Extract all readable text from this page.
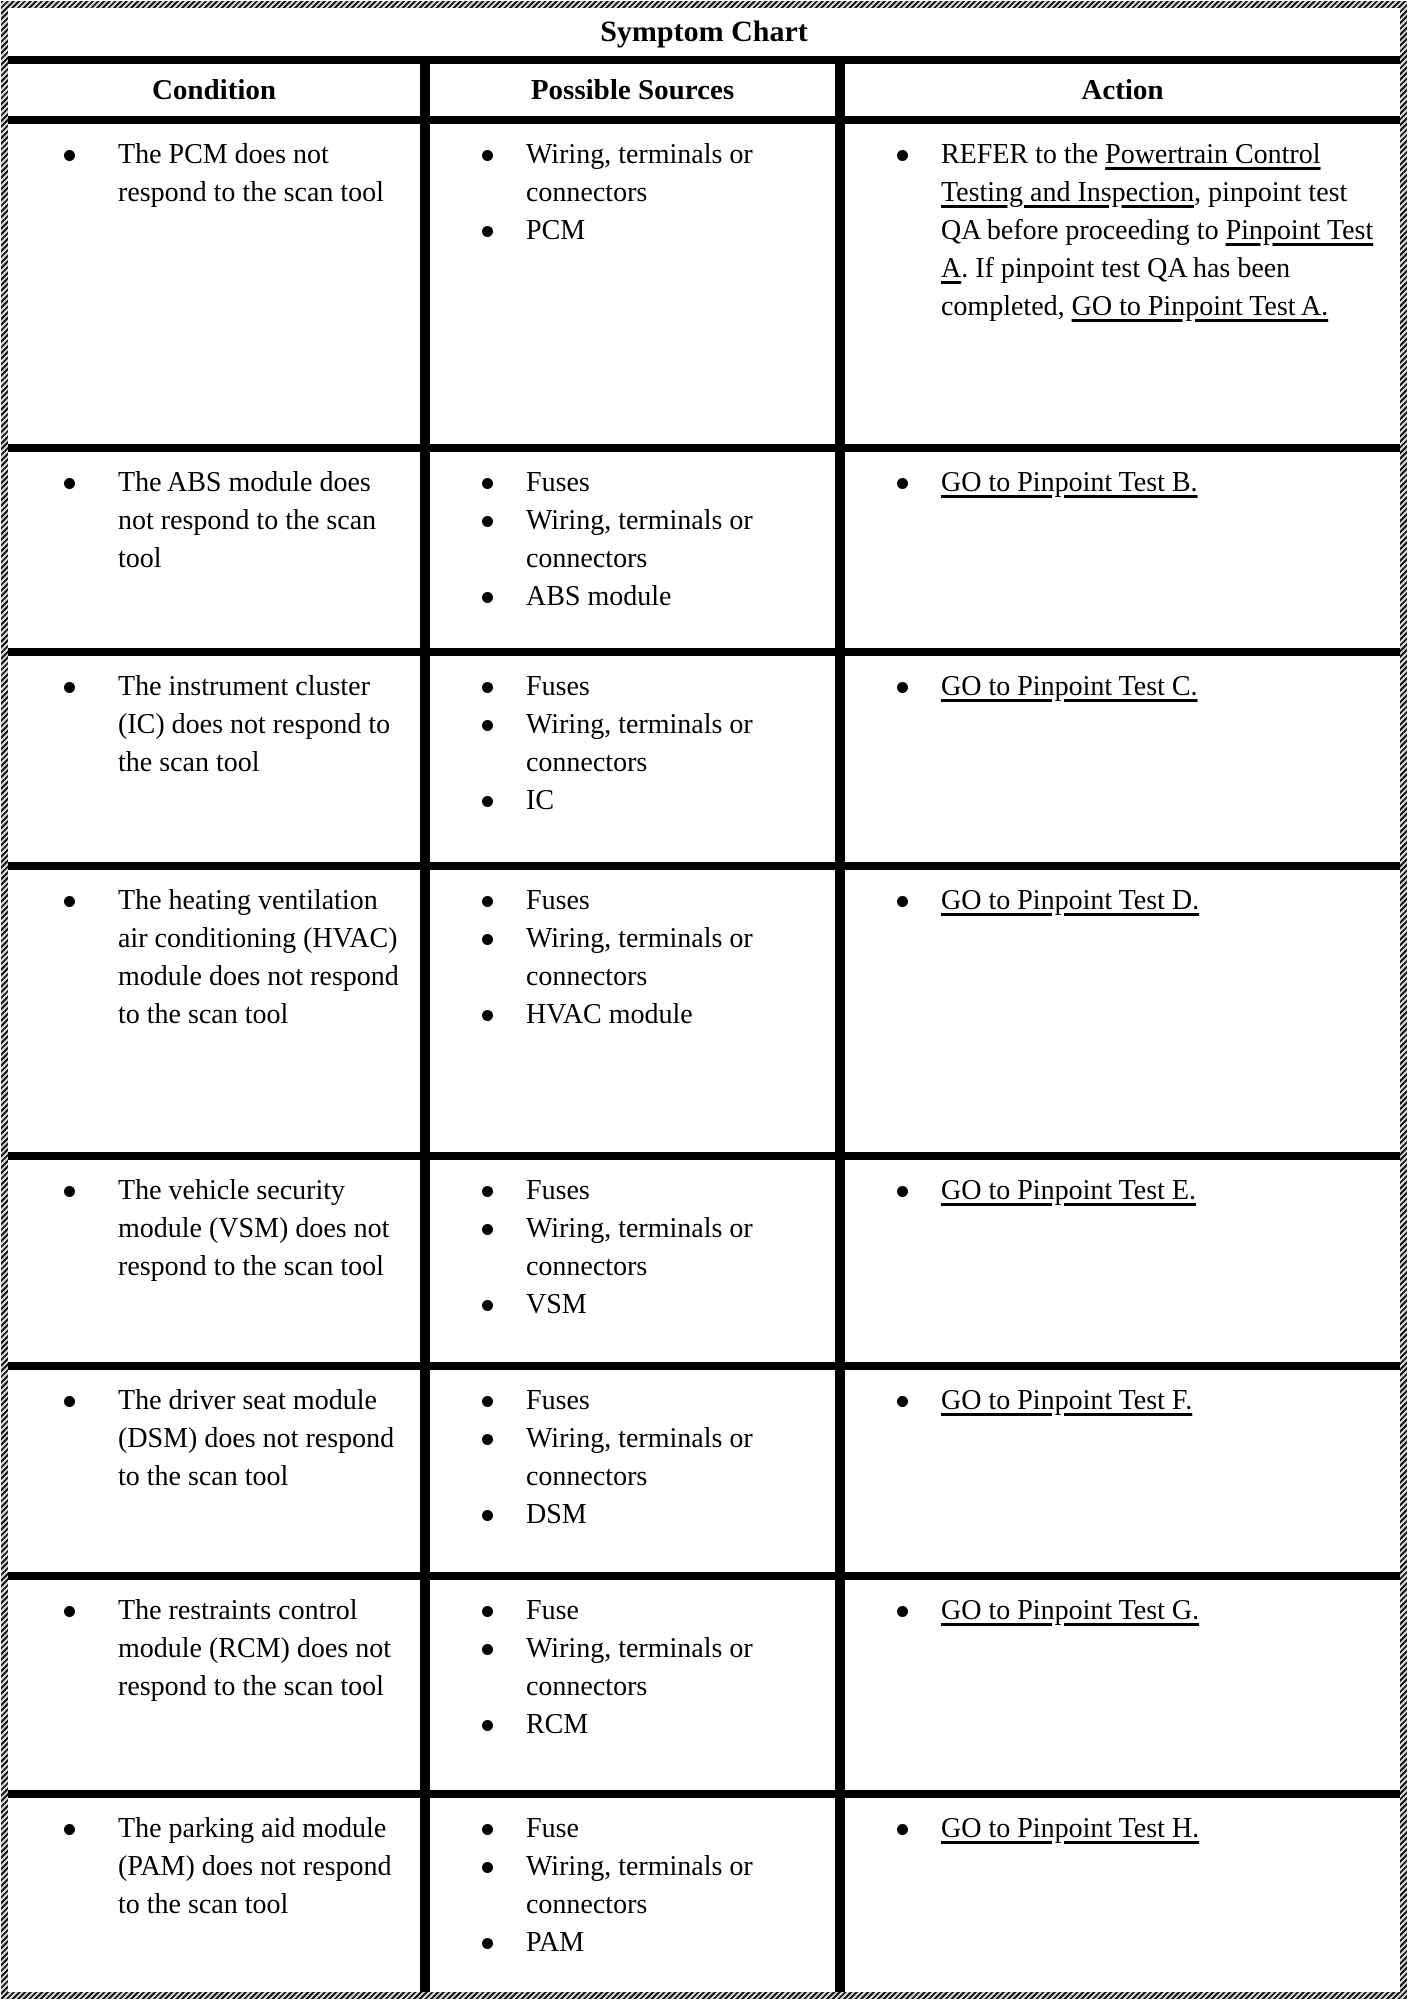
Symptom Chart
Condition	Possible Sources	Action
The PCM does not respond to the scan tool
Wiring, terminals or connectors
PCM
REFER to the Powertrain Control Testing and Inspection, pinpoint test QA before proceeding to Pinpoint Test A. If pinpoint test QA has been completed, GO to Pinpoint Test A.
The ABS module does not respond to the scan tool
Fuses
Wiring, terminals or connectors
ABS module
GO to Pinpoint Test B.
The instrument cluster (IC) does not respond to the scan tool
Fuses
Wiring, terminals or connectors
IC
GO to Pinpoint Test C.
The heating ventilation air conditioning (HVAC) module does not respond to the scan tool
Fuses
Wiring, terminals or connectors
HVAC module
GO to Pinpoint Test D.
The vehicle security module (VSM) does not respond to the scan tool
Fuses
Wiring, terminals or connectors
VSM
GO to Pinpoint Test E.
The driver seat module (DSM) does not respond to the scan tool
Fuses
Wiring, terminals or connectors
DSM
GO to Pinpoint Test F.
The restraints control module (RCM) does not respond to the scan tool
Fuse
Wiring, terminals or connectors
RCM
GO to Pinpoint Test G.
The parking aid module (PAM) does not respond to the scan tool
Fuse
Wiring, terminals or connectors
PAM
GO to Pinpoint Test H.
